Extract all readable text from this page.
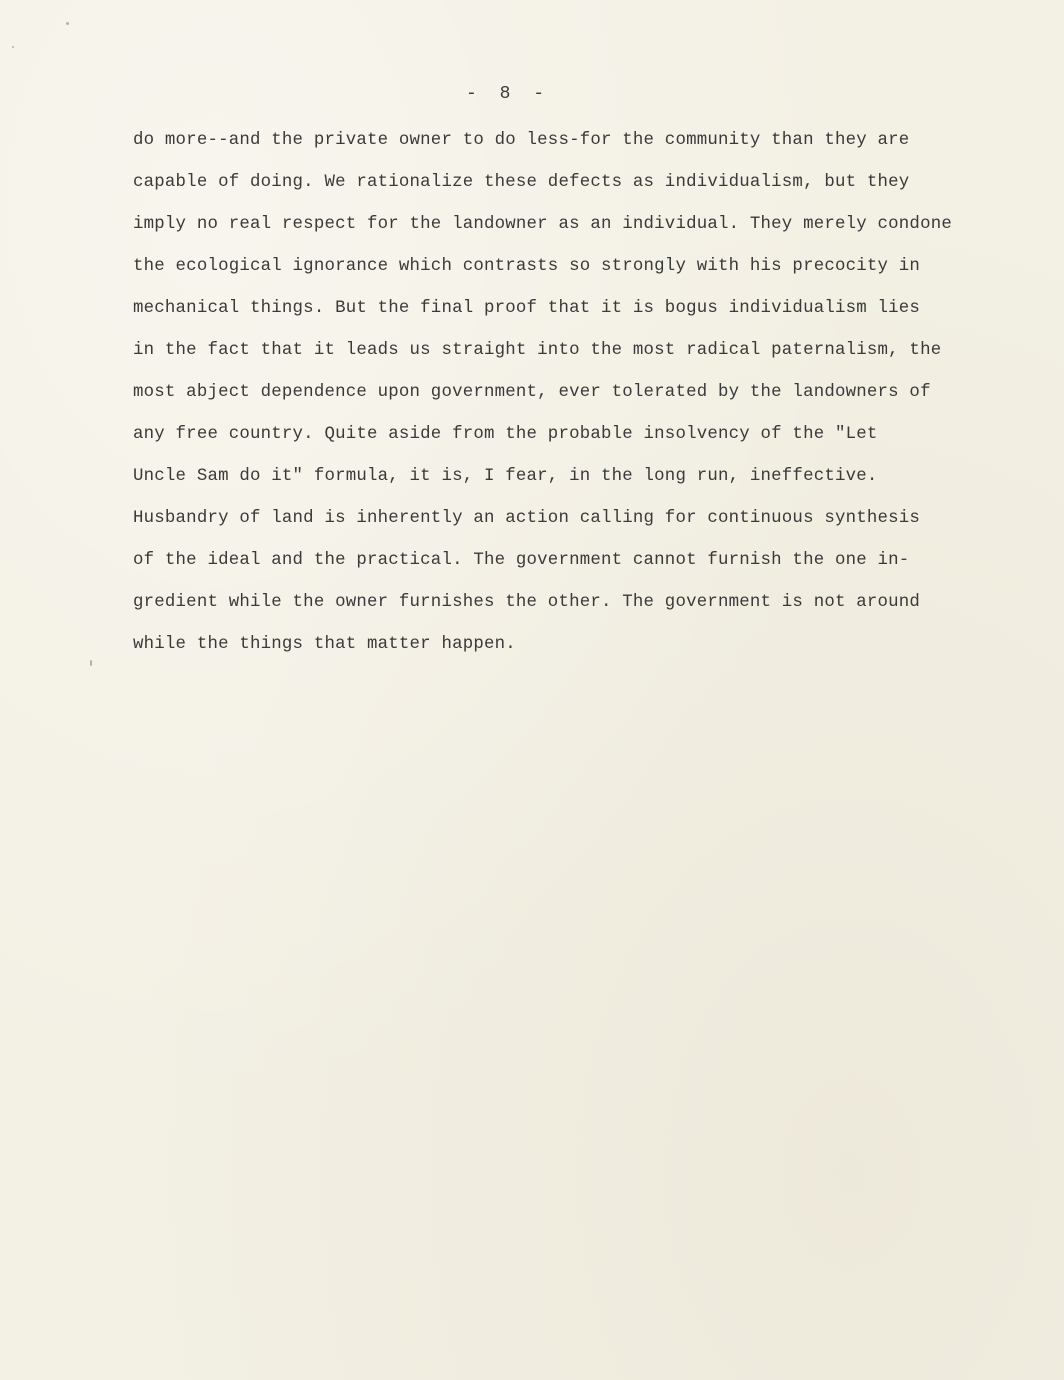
- 8 -
do more--and the private owner to do less-for the community than they are
capable of doing. We rationalize these defects as individualism, but they
imply no real respect for the landowner as an individual. They merely condone
the ecological ignorance which contrasts so strongly with his precocity in
mechanical things. But the final proof that it is bogus individualism lies
in the fact that it leads us straight into the most radical paternalism, the
most abject dependence upon government, ever tolerated by the landowners of
any free country. Quite aside from the probable insolvency of the "Let
Uncle Sam do it" formula, it is, I fear, in the long run, ineffective.
Husbandry of land is inherently an action calling for continuous synthesis
of the ideal and the practical. The government cannot furnish the one in-
gredient while the owner furnishes the other. The government is not around
while the things that matter happen.
